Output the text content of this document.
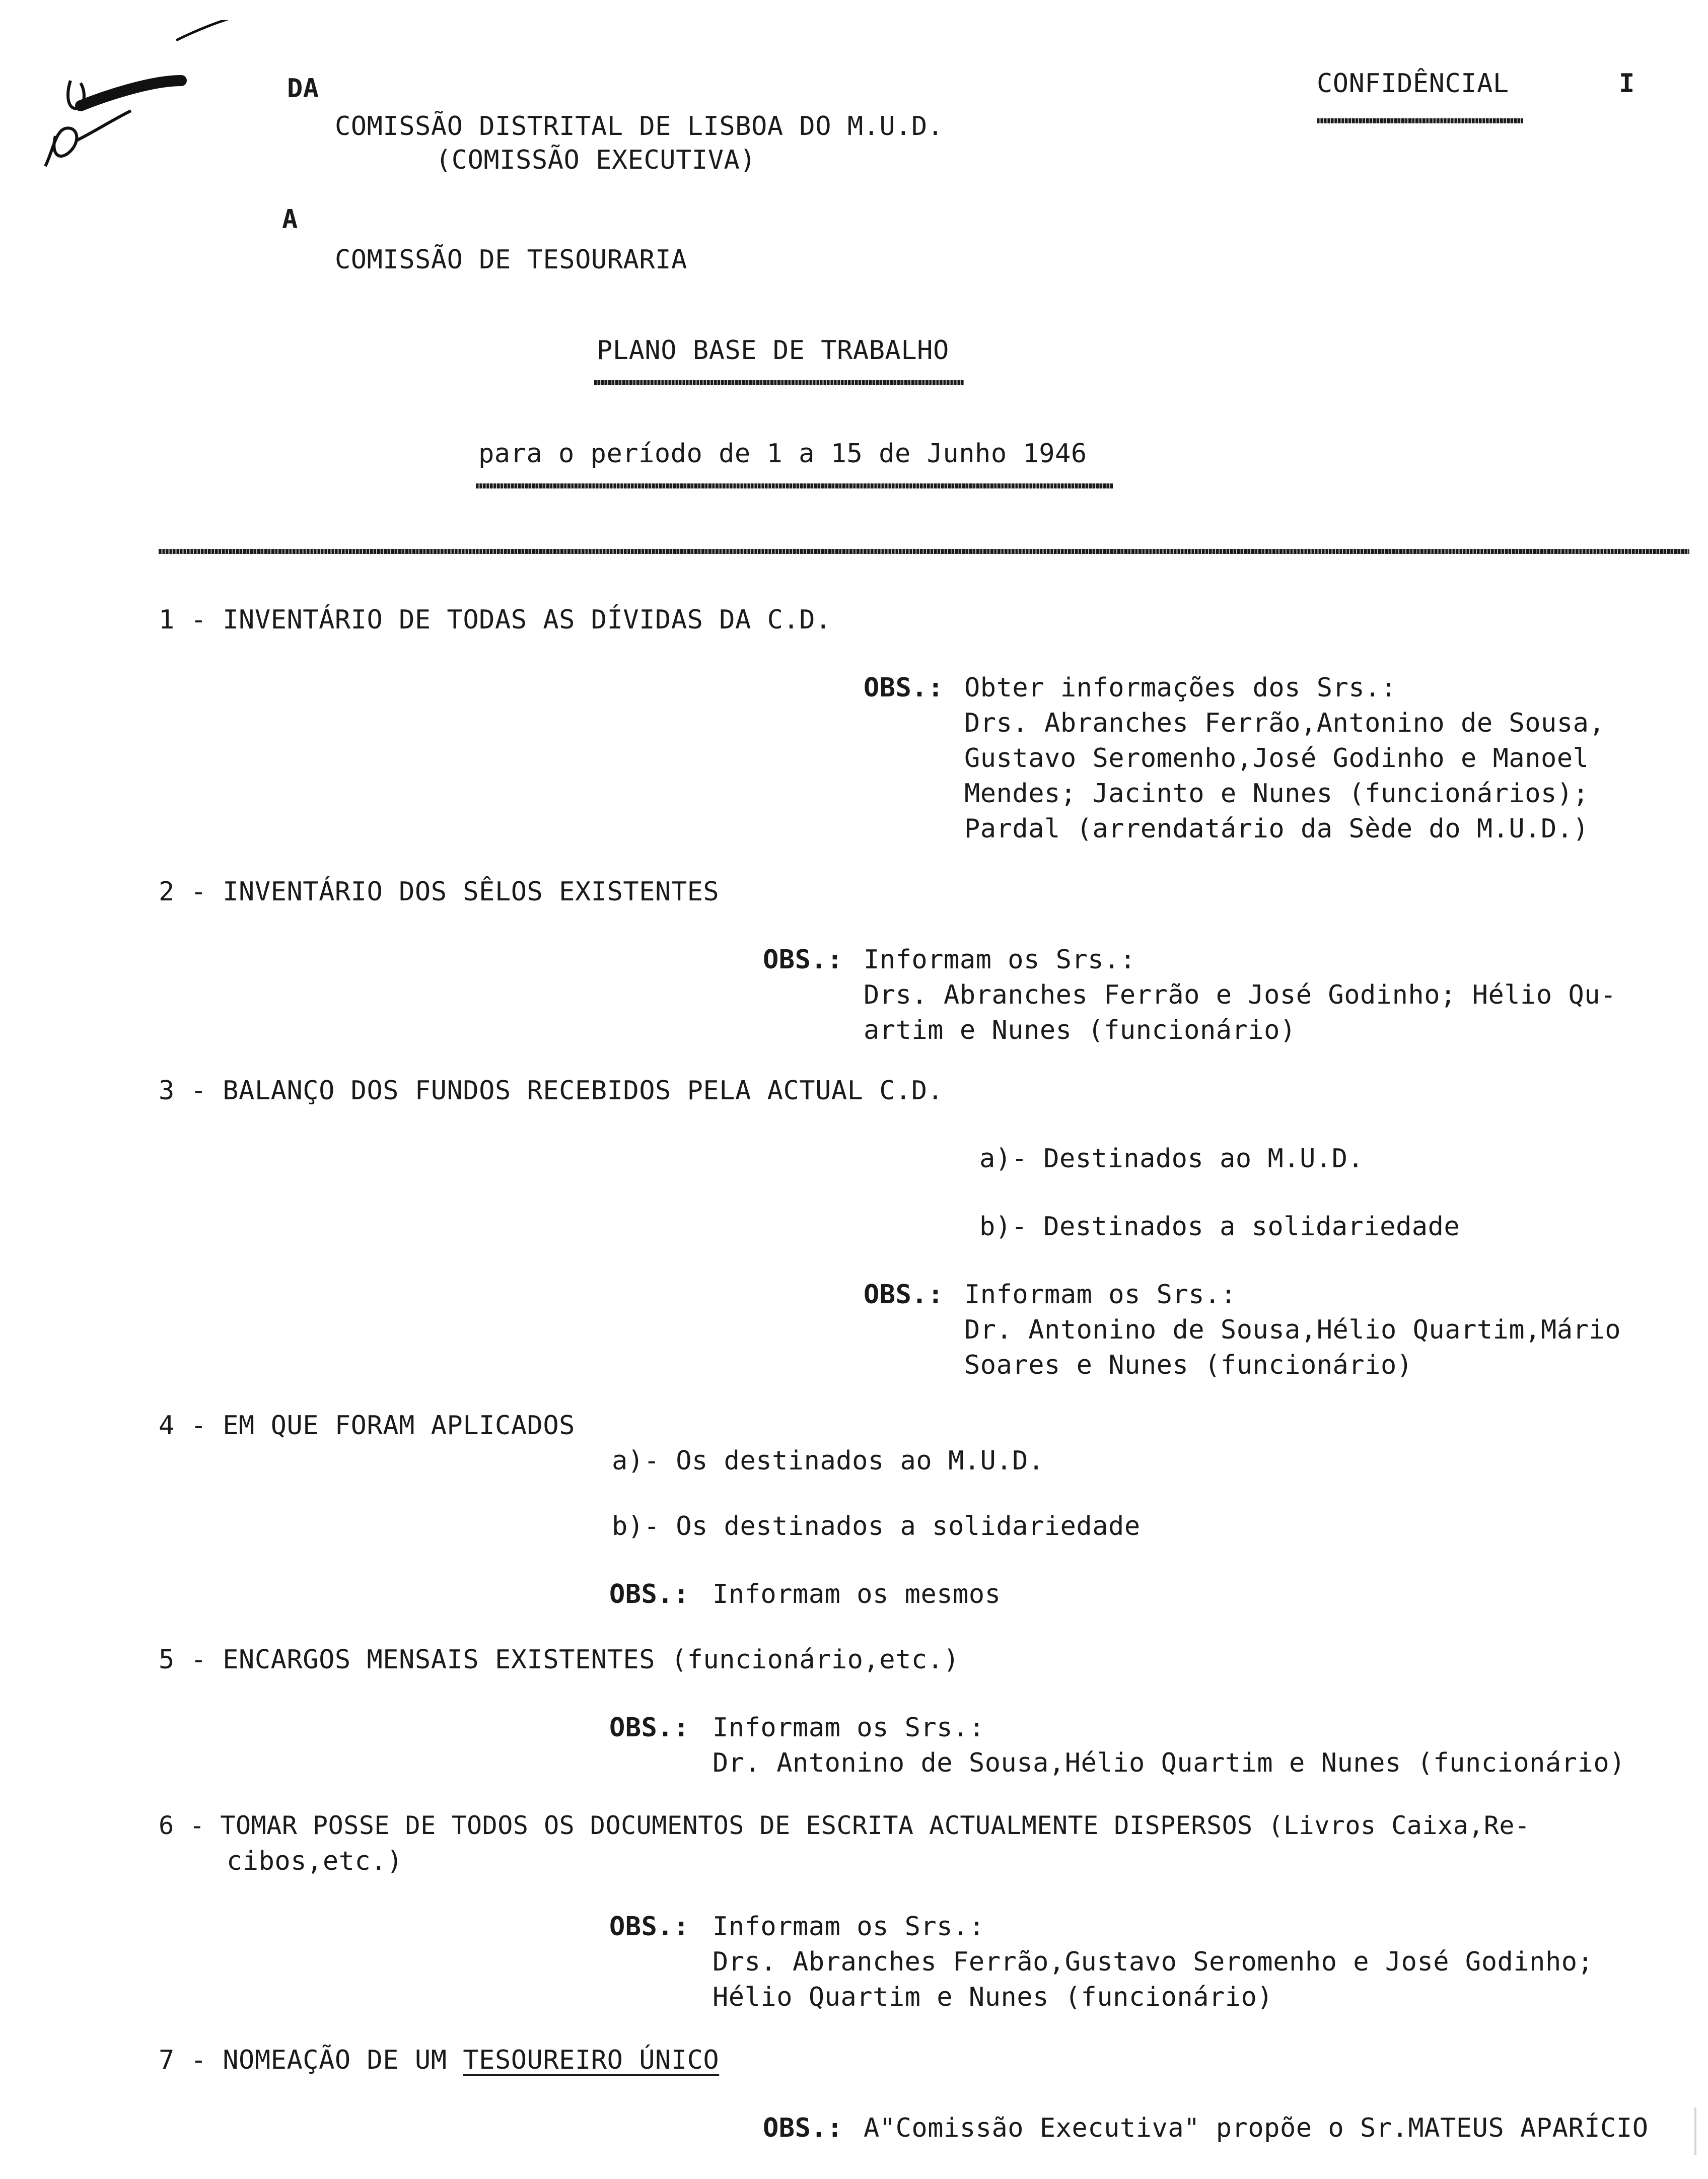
DA
COMISSÃO DISTRITAL DE LISBOA DO M.U.D.
(COMISSÃO EXECUTIVA)
A
COMISSÃO DE TESOURARIA
CONFIDÊNCIAL	I
PLANO BASE DE TRABALHO
para o período de 1 a 15 de Junho 1946
1 - INVENTÁRIO DE TODAS AS DÍVIDAS DA C.D.
OBS.: Obter informações dos Srs.:
Drs. Abranches Ferrão,Antonino de Sousa,
Gustavo Seromenho,José Godinho e Manoel
Mendes; Jacinto e Nunes (funcionários);
Pardal (arrendatário da Sède do M.U.D.)
2 - INVENTÁRIO DOS SÊLOS EXISTENTES
OBS.: Informam os Srs.:
Drs. Abranches Ferrão e José Godinho; Hélio Qu-
artim e Nunes (funcionário)
3 - BALANÇO DOS FUNDOS RECEBIDOS PELA ACTUAL C.D.
a)- Destinados ao M.U.D.
b)- Destinados a solidariedade
OBS.: Informam os Srs.:
Dr. Antonino de Sousa,Hélio Quartim,Mário
Soares e Nunes (funcionário)
4 - EM QUE FORAM APLICADOS
a)- Os destinados ao M.U.D.
b)- Os destinados a solidariedade
OBS.: Informam os mesmos
5 - ENCARGOS MENSAIS EXISTENTES (funcionário,etc.)
OBS.: Informam os Srs.:
Dr. Antonino de Sousa,Hélio Quartim e Nunes (funcionário)
6 - TOMAR POSSE DE TODOS OS DOCUMENTOS DE ESCRITA ACTUALMENTE DISPERSOS (Livros Caixa,Re-
cibos,etc.)
OBS.: Informam os Srs.:
Drs. Abranches Ferrão,Gustavo Seromenho e José Godinho;
Hélio Quartim e Nunes (funcionário)
7 - NOMEAÇÃO DE UM TESOUREIRO ÚNICO
OBS.: A"Comissão Executiva" propõe o Sr.MATEUS APARÍCIO
